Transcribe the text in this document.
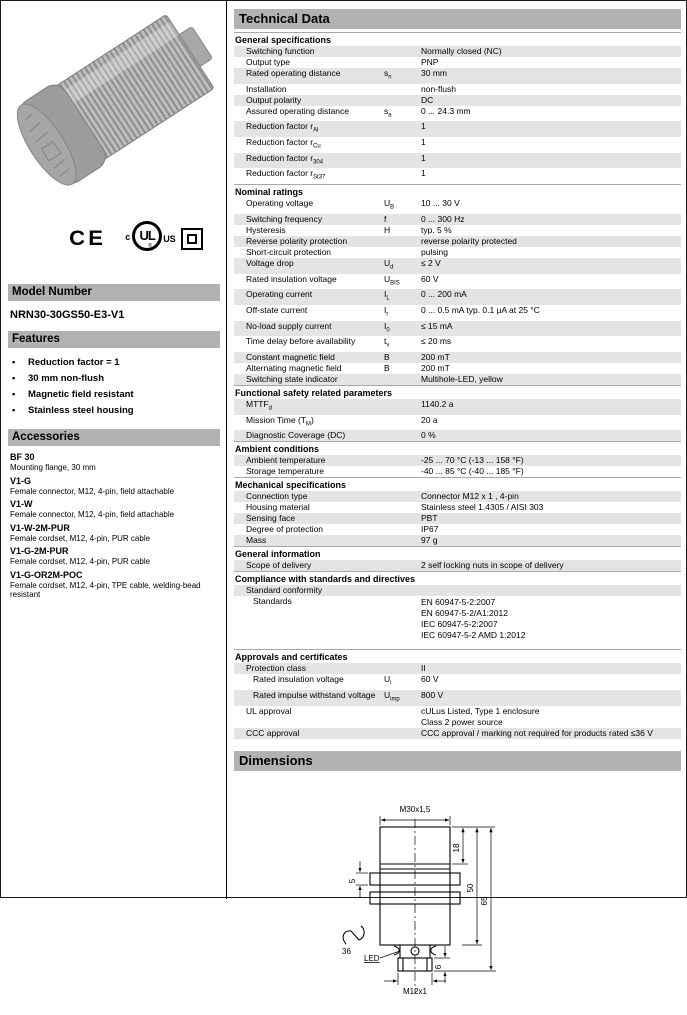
CE c UL
®
US
Model Number
NRN30-30GS50-E3-V1
Features
•	Reduction factor = 1
•	30 mm non-flush
•	Magnetic field resistant
•	Stainless steel housing
Accessories
BF 30
Mounting flange, 30 mm
V1-G
Female connector, M12, 4-pin, field attachable
V1-W
Female connector, M12, 4-pin, field attachable
V1-W-2M-PUR
Female cordset, M12, 4-pin, PUR cable
V1-G-2M-PUR
Female cordset, M12, 4-pin, PUR cable
V1-G-OR2M-POC
Female cordset, M12, 4-pin, TPE cable, welding-bead resistant
Technical Data
General specifications
Switching function	Normally closed (NC)
Output type	PNP
Rated operating distance	$s_n$	30 mm
Installation	non-flush
Output polarity	DC
Assured operating distance	$s_a$	0 ... 24.3 mm
Reduction factor $r_{Al}$	1
Reduction factor $r_{Cu}$	1
Reduction factor $r_{304}$	1
Reduction factor $r_{St37}$	1
Nominal ratings
Operating voltage	$U_B$	10 ... 30 V
Switching frequency	f	0 ... 300 Hz
Hysteresis	H	typ. 5 %
Reverse polarity protection	reverse polarity protected
Short-circuit protection	pulsing
Voltage drop	$U_d$	≤ 2 V
Rated insulation voltage	$U_{BIS}$	60 V
Operating current	$I_L$	0 ... 200 mA
Off-state current	$I_r$	0 ... 0.5 mA typ. 0.1 µA at 25 °C
No-load supply current	$I_0$	≤ 15 mA
Time delay before availability	$t_v$	≤ 20 ms
Constant magnetic field	B	200 mT
Alternating magnetic field	B	200 mT
Switching state indicator	Multihole-LED, yellow
Functional safety related parameters
$MTTF_d$	1140.2 a
Mission Time $(T_M)$	20 a
Diagnostic Coverage (DC)	0 %
Ambient conditions
Ambient temperature	-25 ... 70 °C (-13 ... 158 °F)
Storage temperature	-40 ... 85 °C (-40 ... 185 °F)
Mechanical specifications
Connection type	Connector M12 x 1 , 4-pin
Housing material	Stainless steel 1.4305 / AISI 303
Sensing face	PBT
Degree of protection	IP67
Mass	97 g
General information
Scope of delivery	2 self locking nuts in scope of delivery
Compliance with standards and directives
Standard conformity
Standards	EN 60947-5-2:2007
EN 60947-5-2/A1:2012
IEC 60947-5-2:2007
IEC 60947-5-2 AMD 1:2012
Approvals and certificates
Protection class	II
Rated insulation voltage	$U_i$	60 V
Rated impulse withstand voltage	$U_{imp}$	800 V
UL approval	cULus Listed, Type 1 enclosure
Class 2 power source
CCC approval	CCC approval / marking not required for products rated ≤36 V
Dimensions
M30x1,5
18
50
65
5
36
LED
6
M12x1
